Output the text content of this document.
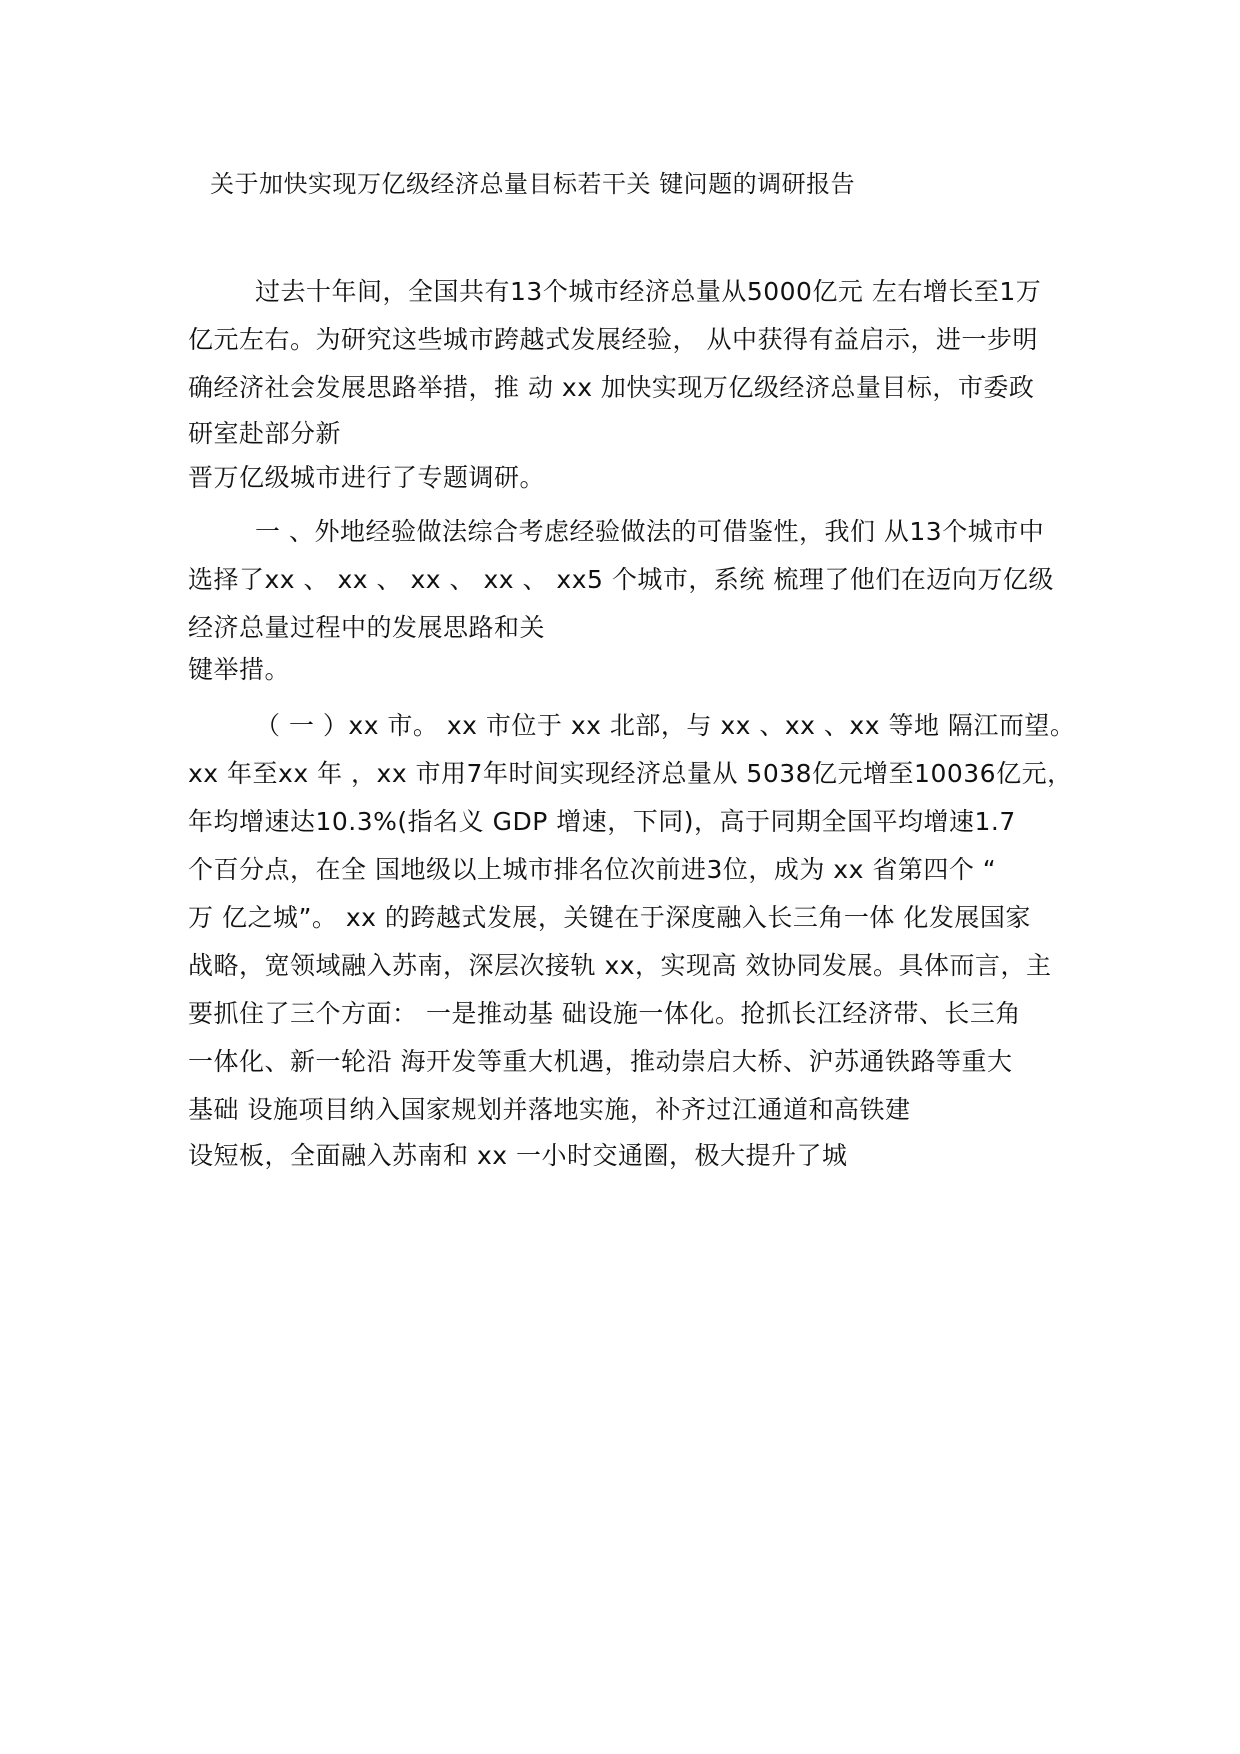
关于加快实现万亿级经济总量目标若干关 键问题的调研报告
过去十年间，全国共有13个城市经济总量从5000亿元 左右增长至1万
亿元左右。为研究这些城市跨越式发展经验， 从中获得有益启示，进一步明
确经济社会发展思路举措，推 动 xx 加快实现万亿级经济总量目标，市委政
研室赴部分新
晋万亿级城市进行了专题调研。
一 、外地经验做法综合考虑经验做法的可借鉴性，我们 从13个城市中
选择了xx 、 xx 、 xx 、 xx 、 xx5 个城市，系统 梳理了他们在迈向万亿级
经济总量过程中的发展思路和关
键举措。
（ 一 ）xx 市。 xx 市位于 xx 北部，与 xx 、xx 、xx 等地 隔江而望。
xx 年至xx 年 ，xx 市用7年时间实现经济总量从 5038亿元增至10036亿元，
年均增速达10.3%(指名义 GDP 增速，下同)，高于同期全国平均增速1.7
个百分点，在全 国地级以上城市排名位次前进3位，成为 xx 省第四个 “
万 亿之城”。 xx 的跨越式发展，关键在于深度融入长三角一体 化发展国家
战略，宽领域融入苏南，深层次接轨 xx，实现高 效协同发展。具体而言，主
要抓住了三个方面： 一是推动基 础设施一体化。抢抓长江经济带、长三角
一体化、新一轮沿 海开发等重大机遇，推动崇启大桥、沪苏通铁路等重大
基础 设施项目纳入国家规划并落地实施，补齐过江通道和高铁建
设短板，全面融入苏南和 xx 一小时交通圈，极大提升了城
